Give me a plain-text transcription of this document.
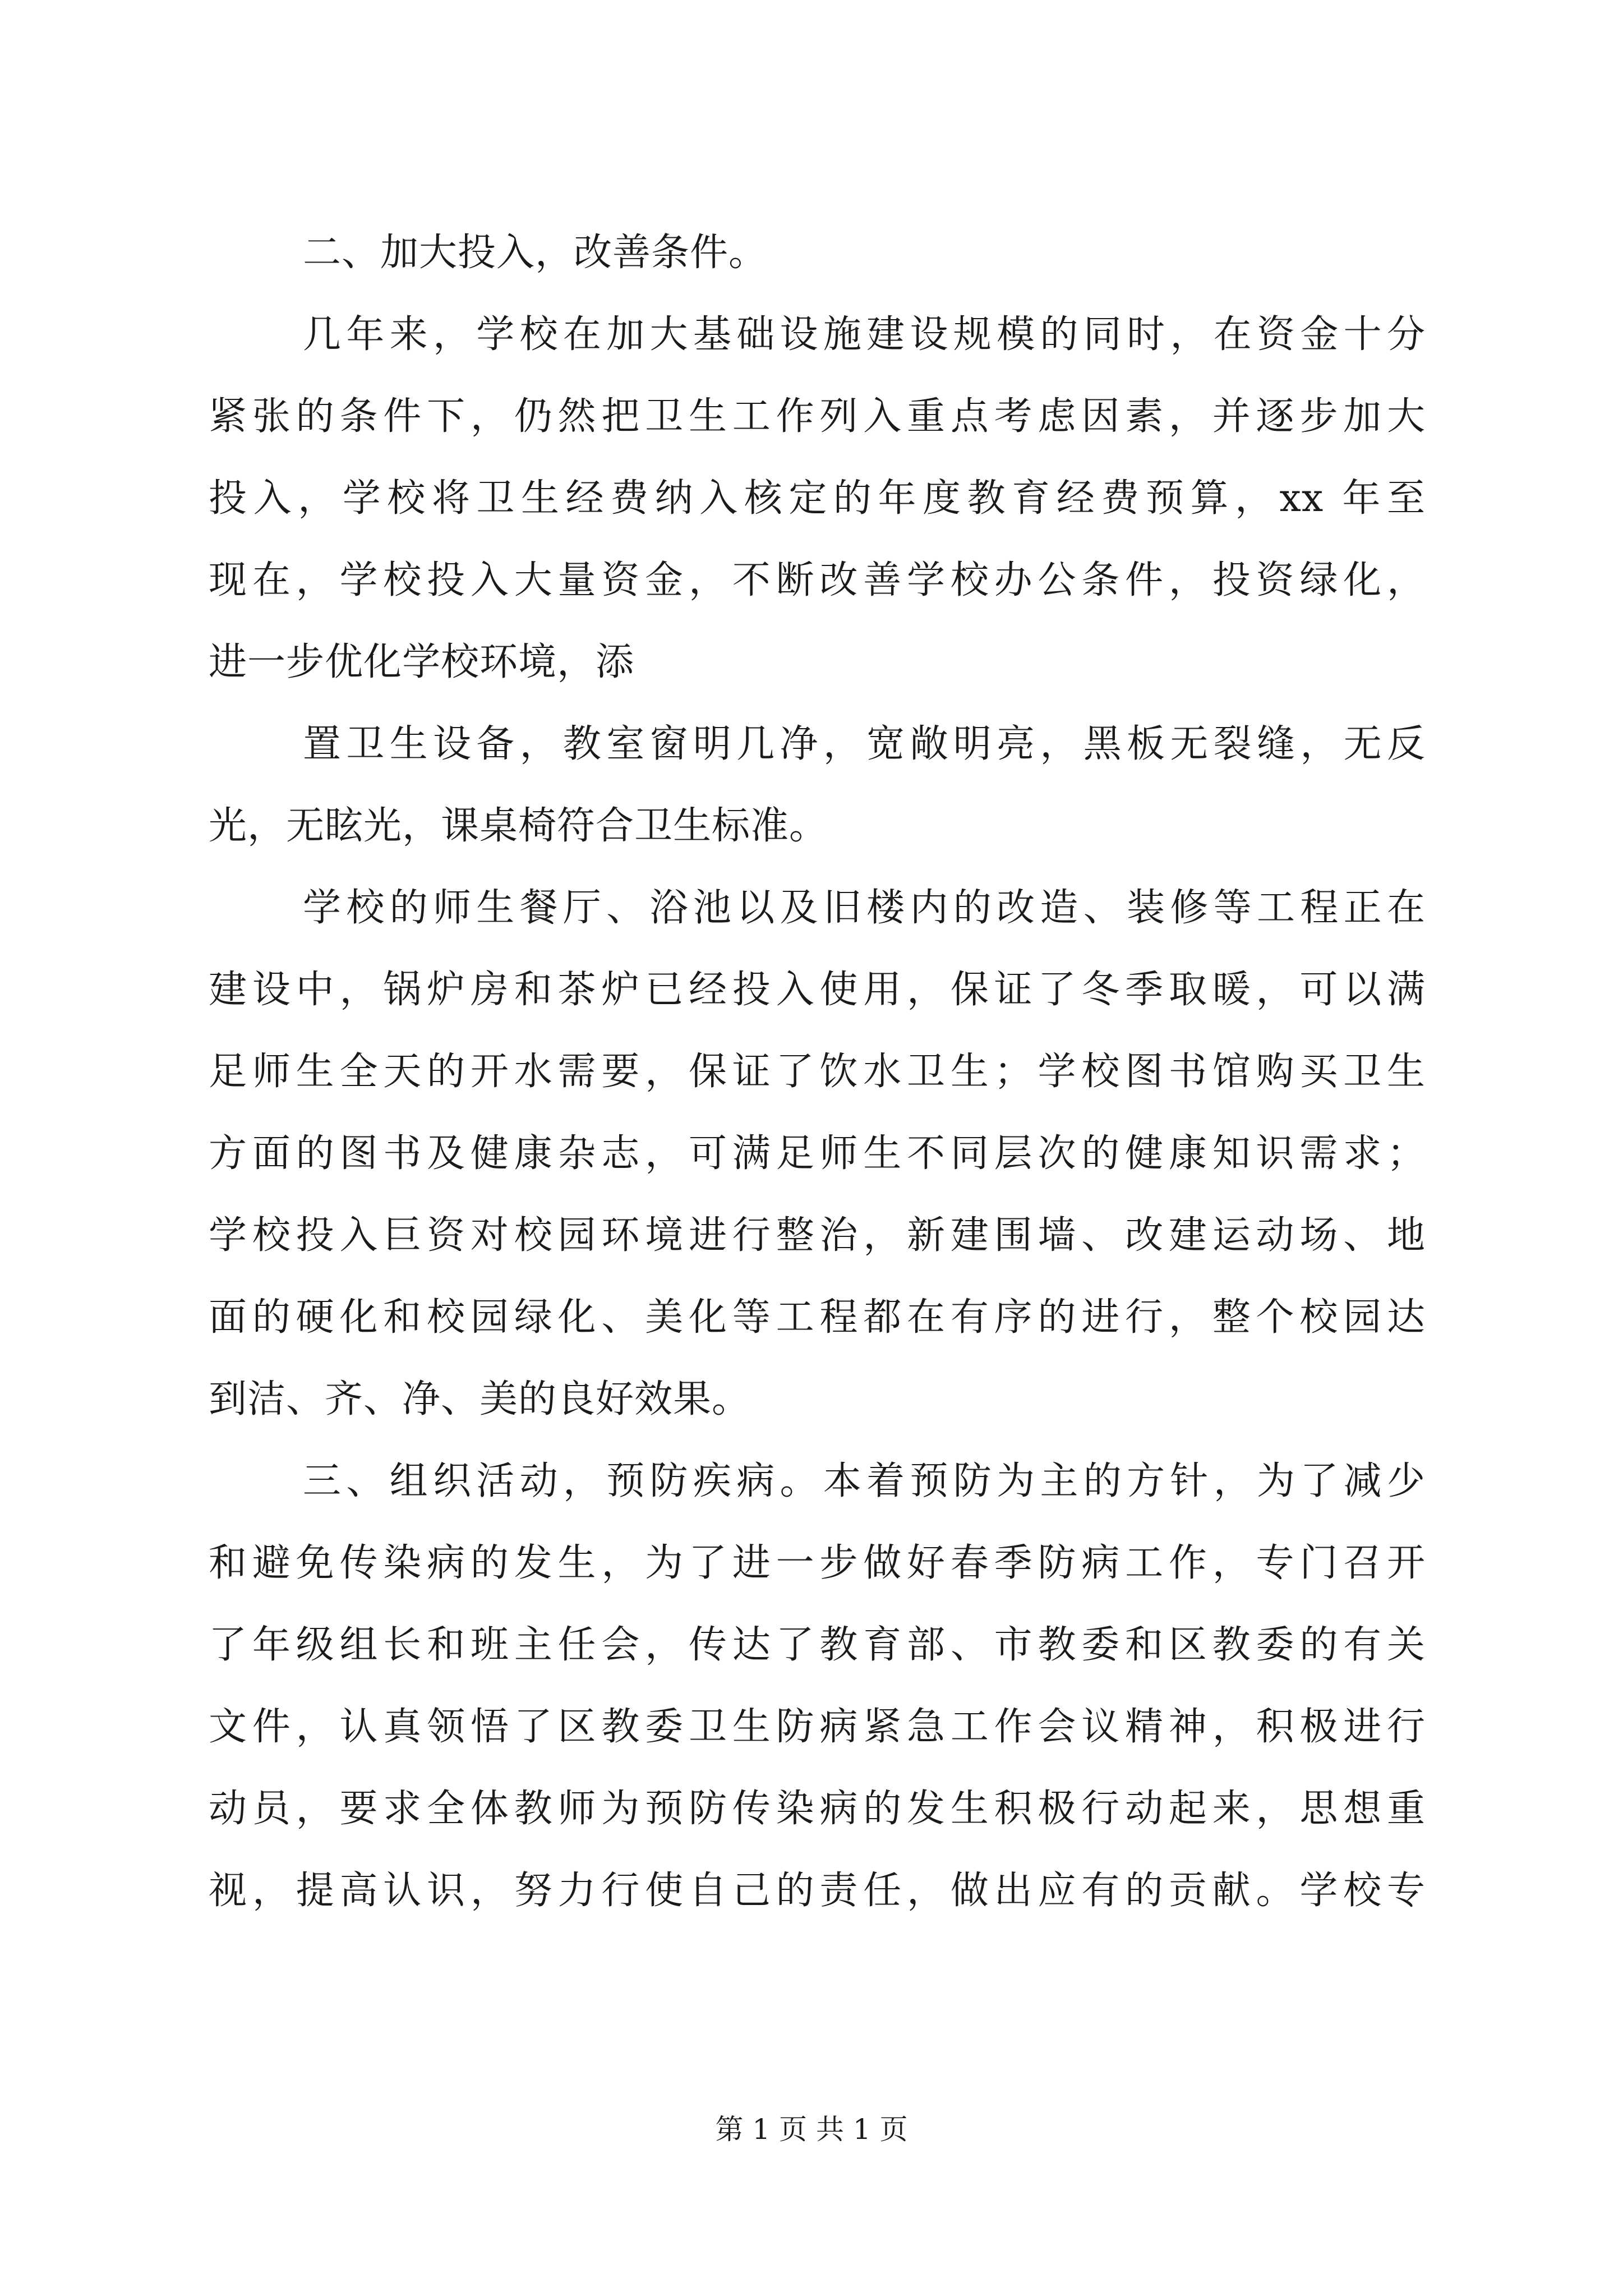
二、加大投入，改善条件。
几年来，学校在加大基础设施建设规模的同时，在资金十分
紧张的条件下，仍然把卫生工作列入重点考虑因素，并逐步加大
投入，学校将卫生经费纳入核定的年度教育经费预算，xx 年至
现在，学校投入大量资金，不断改善学校办公条件，投资绿化，
进一步优化学校环境，添
置卫生设备，教室窗明几净，宽敞明亮，黑板无裂缝，无反
光，无眩光，课桌椅符合卫生标准。
学校的师生餐厅、浴池以及旧楼内的改造、装修等工程正在
建设中，锅炉房和茶炉已经投入使用，保证了冬季取暖，可以满
足师生全天的开水需要，保证了饮水卫生；学校图书馆购买卫生
方面的图书及健康杂志，可满足师生不同层次的健康知识需求；
学校投入巨资对校园环境进行整治，新建围墙、改建运动场、地
面的硬化和校园绿化、美化等工程都在有序的进行，整个校园达
到洁、齐、净、美的良好效果。
三、组织活动，预防疾病。本着预防为主的方针，为了减少
和避免传染病的发生，为了进一步做好春季防病工作，专门召开
了年级组长和班主任会，传达了教育部、市教委和区教委的有关
文件，认真领悟了区教委卫生防病紧急工作会议精神，积极进行
动员，要求全体教师为预防传染病的发生积极行动起来，思想重
视，提高认识，努力行使自己的责任，做出应有的贡献。学校专
第 1 页 共 1 页
